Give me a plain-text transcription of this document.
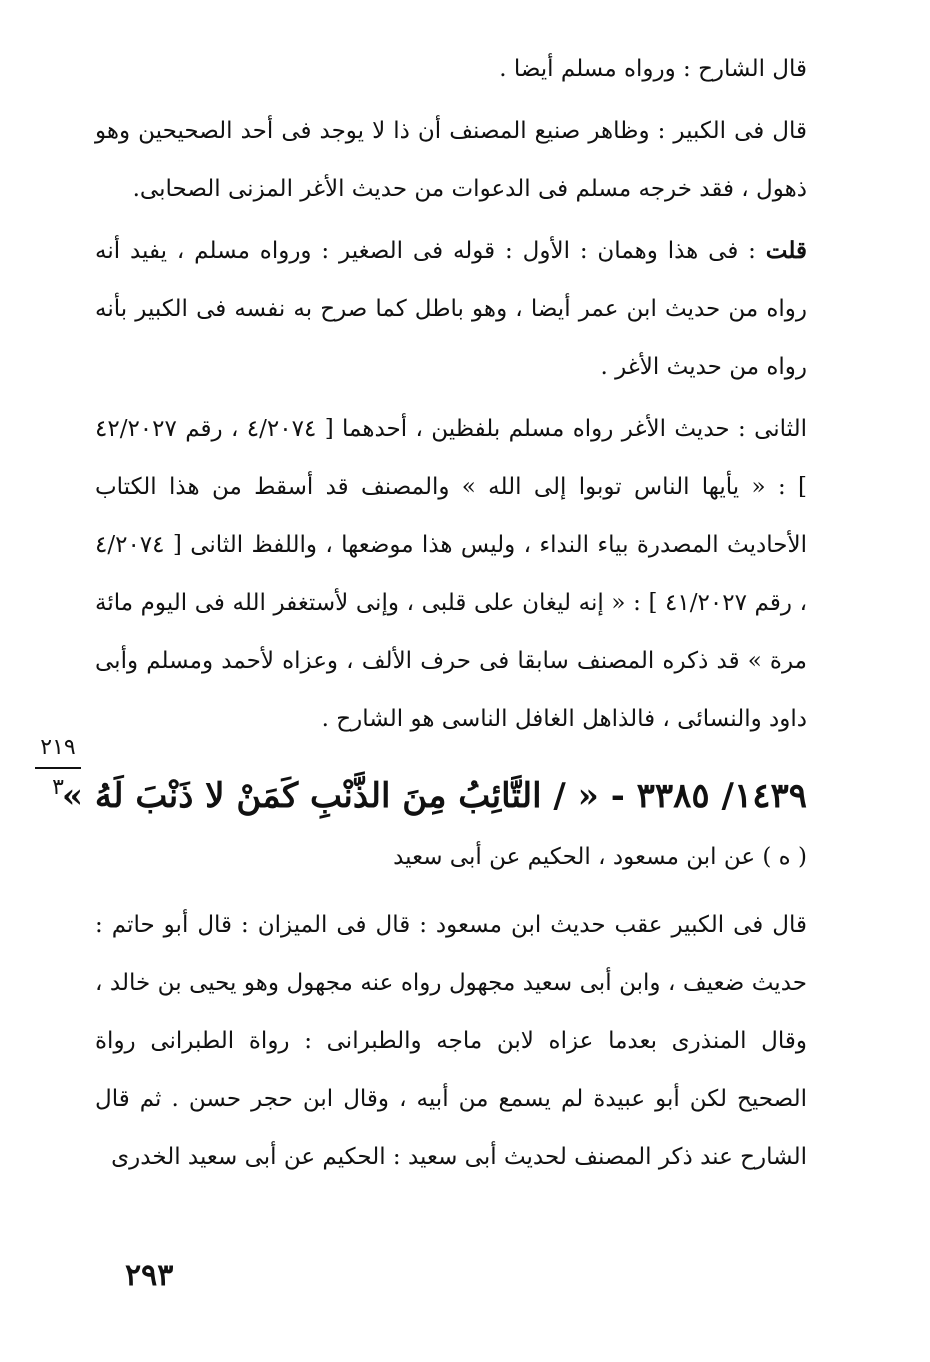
قال الشارح : ورواه مسلم أيضا .

قال فى الكبير : وظاهر صنيع المصنف أن ذا لا يوجد فى أحد الصحيحين وهو ذهول ، فقد خرجه مسلم فى الدعوات من حديث الأغر المزنى الصحابى.

قلت : فى هذا وهمان : الأول : قوله فى الصغير : ورواه مسلم ، يفيد أنه رواه من حديث ابن عمر أيضا ، وهو باطل كما صرح به نفسه فى الكبير بأنه رواه من حديث الأغر .

الثانى : حديث الأغر رواه مسلم بلفظين ، أحدهما [ ٤/٢٠٧٤ ، رقم ٤٢/٢٠٢٧ ] : « يأيها الناس توبوا إلى الله » والمصنف قد أسقط من هذا الكتاب الأحاديث المصدرة بياء النداء ، وليس هذا موضعها ، واللفظ الثانى [ ٤/٢٠٧٤ ، رقم ٤١/٢٠٢٧ ] : « إنه ليغان على قلبى ، وإنى لأستغفر الله فى اليوم مائة مرة » قد ذكره المصنف سابقا فى حرف الألف ، وعزاه لأحمد ومسلم وأبى داود والنسائى ، فالذاهل الغافل الناسى هو الشارح .

١٤٣٩/ ٣٣٨٥ - « / التَّائِبُ مِنَ الذَّنْبِ كَمَنْ لا ذَنْبَ لَهُ »
( ه ) عن ابن مسعود ، الحكيم عن أبى سعيد

قال فى الكبير عقب حديث ابن مسعود : قال فى الميزان : قال أبو حاتم : حديث ضعيف ، وابن أبى سعيد مجهول رواه عنه مجهول وهو يحيى بن خالد ، وقال المنذرى بعدما عزاه لابن ماجه والطبرانى : رواة الطبرانى رواة الصحيح لكن أبو عبيدة لم يسمع من أبيه ، وقال ابن حجر حسن . ثم قال الشارح عند ذكر المصنف لحديث أبى سعيد : الحكيم عن أبى سعيد الخدرى

٢١٩
٣
٢٩٣
